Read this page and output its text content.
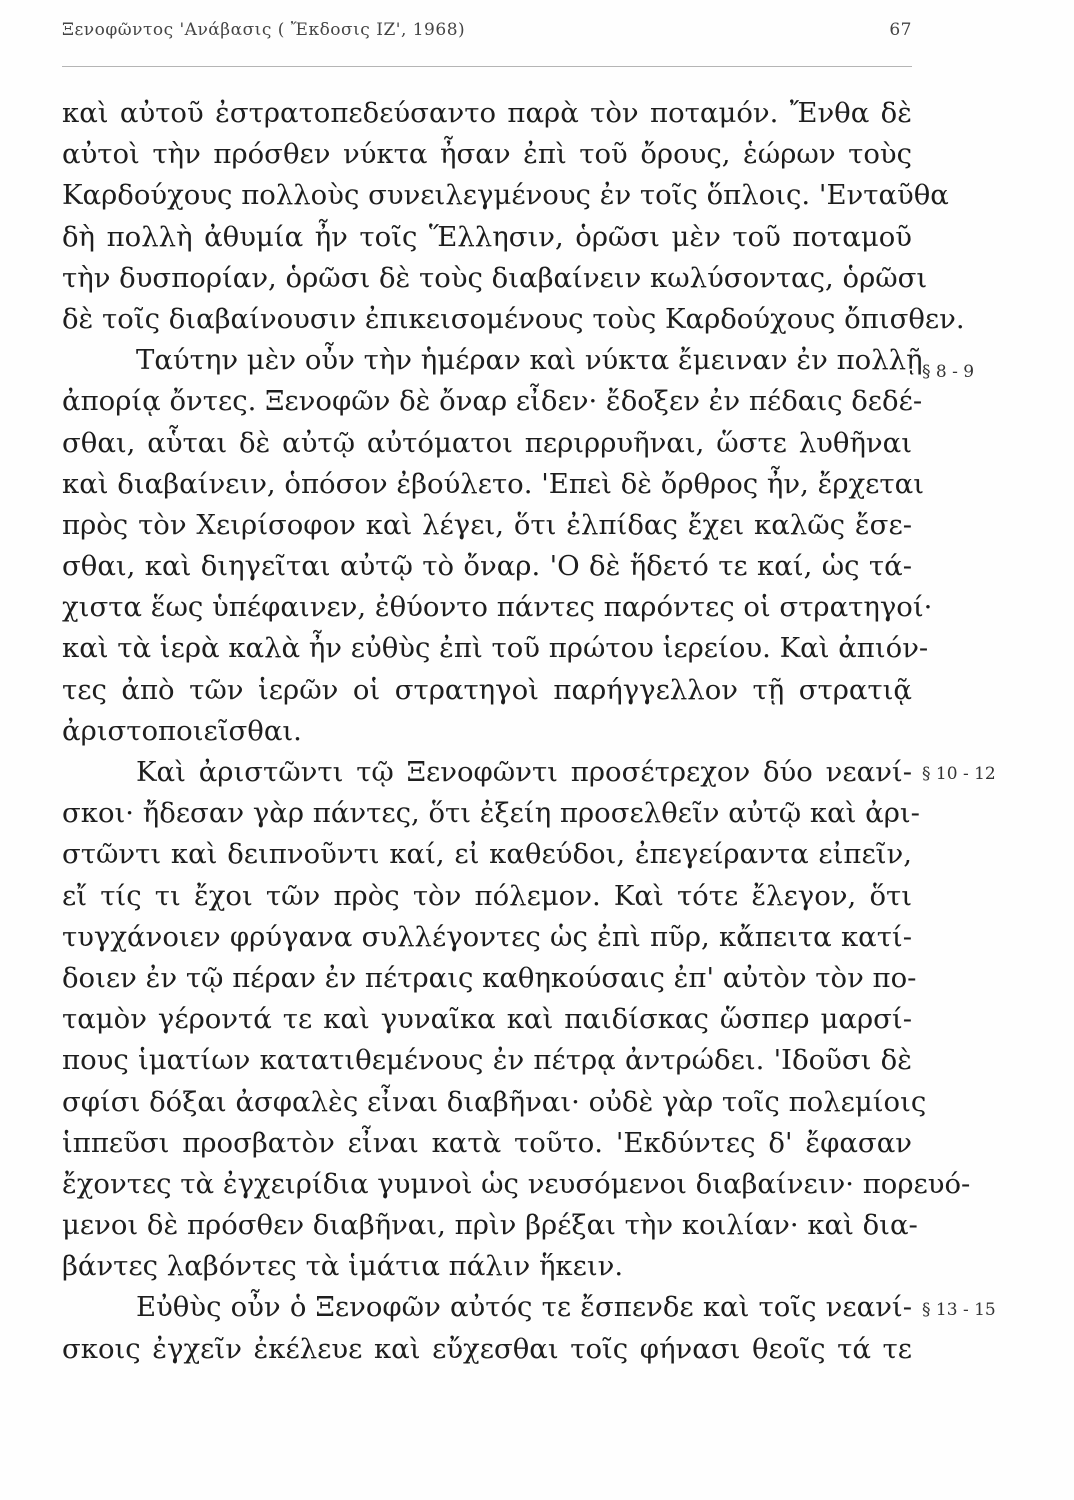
Ξενοφῶντος 'Ανάβασις ( Ἔκδοσις ΙΖ', 1968)	67
καὶ αὐτοῦ ἐστρατοπεδεύσαντο παρὰ τὸν ποταμόν. Ἔνθα δὲ
αὐτοὶ τὴν πρόσθεν νύκτα ἦσαν ἐπὶ τοῦ ὄρους, ἑώρων τοὺς
Καρδούχους πολλοὺς συνειλεγμένους ἐν τοῖς ὅπλοις. 'Ενταῦθα
δὴ πολλὴ ἀθυμία ἦν τοῖς Ἕλλησιν, ὁρῶσι μὲν τοῦ ποταμοῦ
τὴν δυσπορίαν, ὁρῶσι δὲ τοὺς διαβαίνειν κωλύσοντας, ὁρῶσι
δὲ τοῖς διαβαίνουσιν ἐπικεισομένους τοὺς Καρδούχους ὄπισθεν.
Ταύτην μὲν οὖν τὴν ἡμέραν καὶ νύκτα ἔμειναν ἐν πολλῇ
ἀπορίᾳ ὄντες. Ξενοφῶν δὲ ὄναρ εἶδεν· ἔδοξεν ἐν πέδαις δεδέ-
σθαι, αὗται δὲ αὐτῷ αὐτόματοι περιρρυῆναι, ὥστε λυθῆναι
καὶ διαβαίνειν, ὁπόσον ἐβούλετο. 'Επεὶ δὲ ὄρθρος ἦν, ἔρχεται
πρὸς τὸν Χειρίσοφον καὶ λέγει, ὅτι ἐλπίδας ἔχει καλῶς ἔσε-
σθαι, καὶ διηγεῖται αὐτῷ τὸ ὄναρ. 'Ο δὲ ἥδετό τε καί, ὡς τά-
χιστα ἕως ὑπέφαινεν, ἐθύοντο πάντες παρόντες οἱ στρατηγοί·
καὶ τὰ ἱερὰ καλὰ ἦν εὐθὺς ἐπὶ τοῦ πρώτου ἱερείου. Καὶ ἀπιόν-
τες ἀπὸ τῶν ἱερῶν οἱ στρατηγοὶ παρήγγελλον τῇ στρατιᾷ
ἀριστοποιεῖσθαι.
Καὶ ἀριστῶντι τῷ Ξενοφῶντι προσέτρεχον δύο νεανί-
σκοι· ἤδεσαν γὰρ πάντες, ὅτι ἐξείη προσελθεῖν αὐτῷ καὶ ἀρι-
στῶντι καὶ δειπνοῦντι καί, εἰ καθεύδοι, ἐπεγείραντα εἰπεῖν,
εἴ τίς τι ἔχοι τῶν πρὸς τὸν πόλεμον. Καὶ τότε ἔλεγον, ὅτι
τυγχάνοιεν φρύγανα συλλέγοντες ὡς ἐπὶ πῦρ, κἄπειτα κατί-
δοιεν ἐν τῷ πέραν ἐν πέτραις καθηκούσαις ἐπ' αὐτὸν τὸν πο-
ταμὸν γέροντά τε καὶ γυναῖκα καὶ παιδίσκας ὥσπερ μαρσί-
πους ἱματίων κατατιθεμένους ἐν πέτρᾳ ἀντρώδει. 'Ιδοῦσι δὲ
σφίσι δόξαι ἀσφαλὲς εἶναι διαβῆναι· οὐδὲ γὰρ τοῖς πολεμίοις
ἱππεῦσι προσβατὸν εἶναι κατὰ τοῦτο. 'Εκδύντες δ' ἔφασαν
ἔχοντες τὰ ἐγχειρίδια γυμνοὶ ὡς νευσόμενοι διαβαίνειν· πορευό-
μενοι δὲ πρόσθεν διαβῆναι, πρὶν βρέξαι τὴν κοιλίαν· καὶ δια-
βάντες λαβόντες τὰ ἱμάτια πάλιν ἥκειν.
Εὐθὺς οὖν ὁ Ξενοφῶν αὐτός τε ἔσπενδε καὶ τοῖς νεανί-
σκοις ἐγχεῖν ἐκέλευε καὶ εὔχεσθαι τοῖς φήνασι θεοῖς τά τε
§ 8 - 9
§ 10 - 12
§ 13 - 15
